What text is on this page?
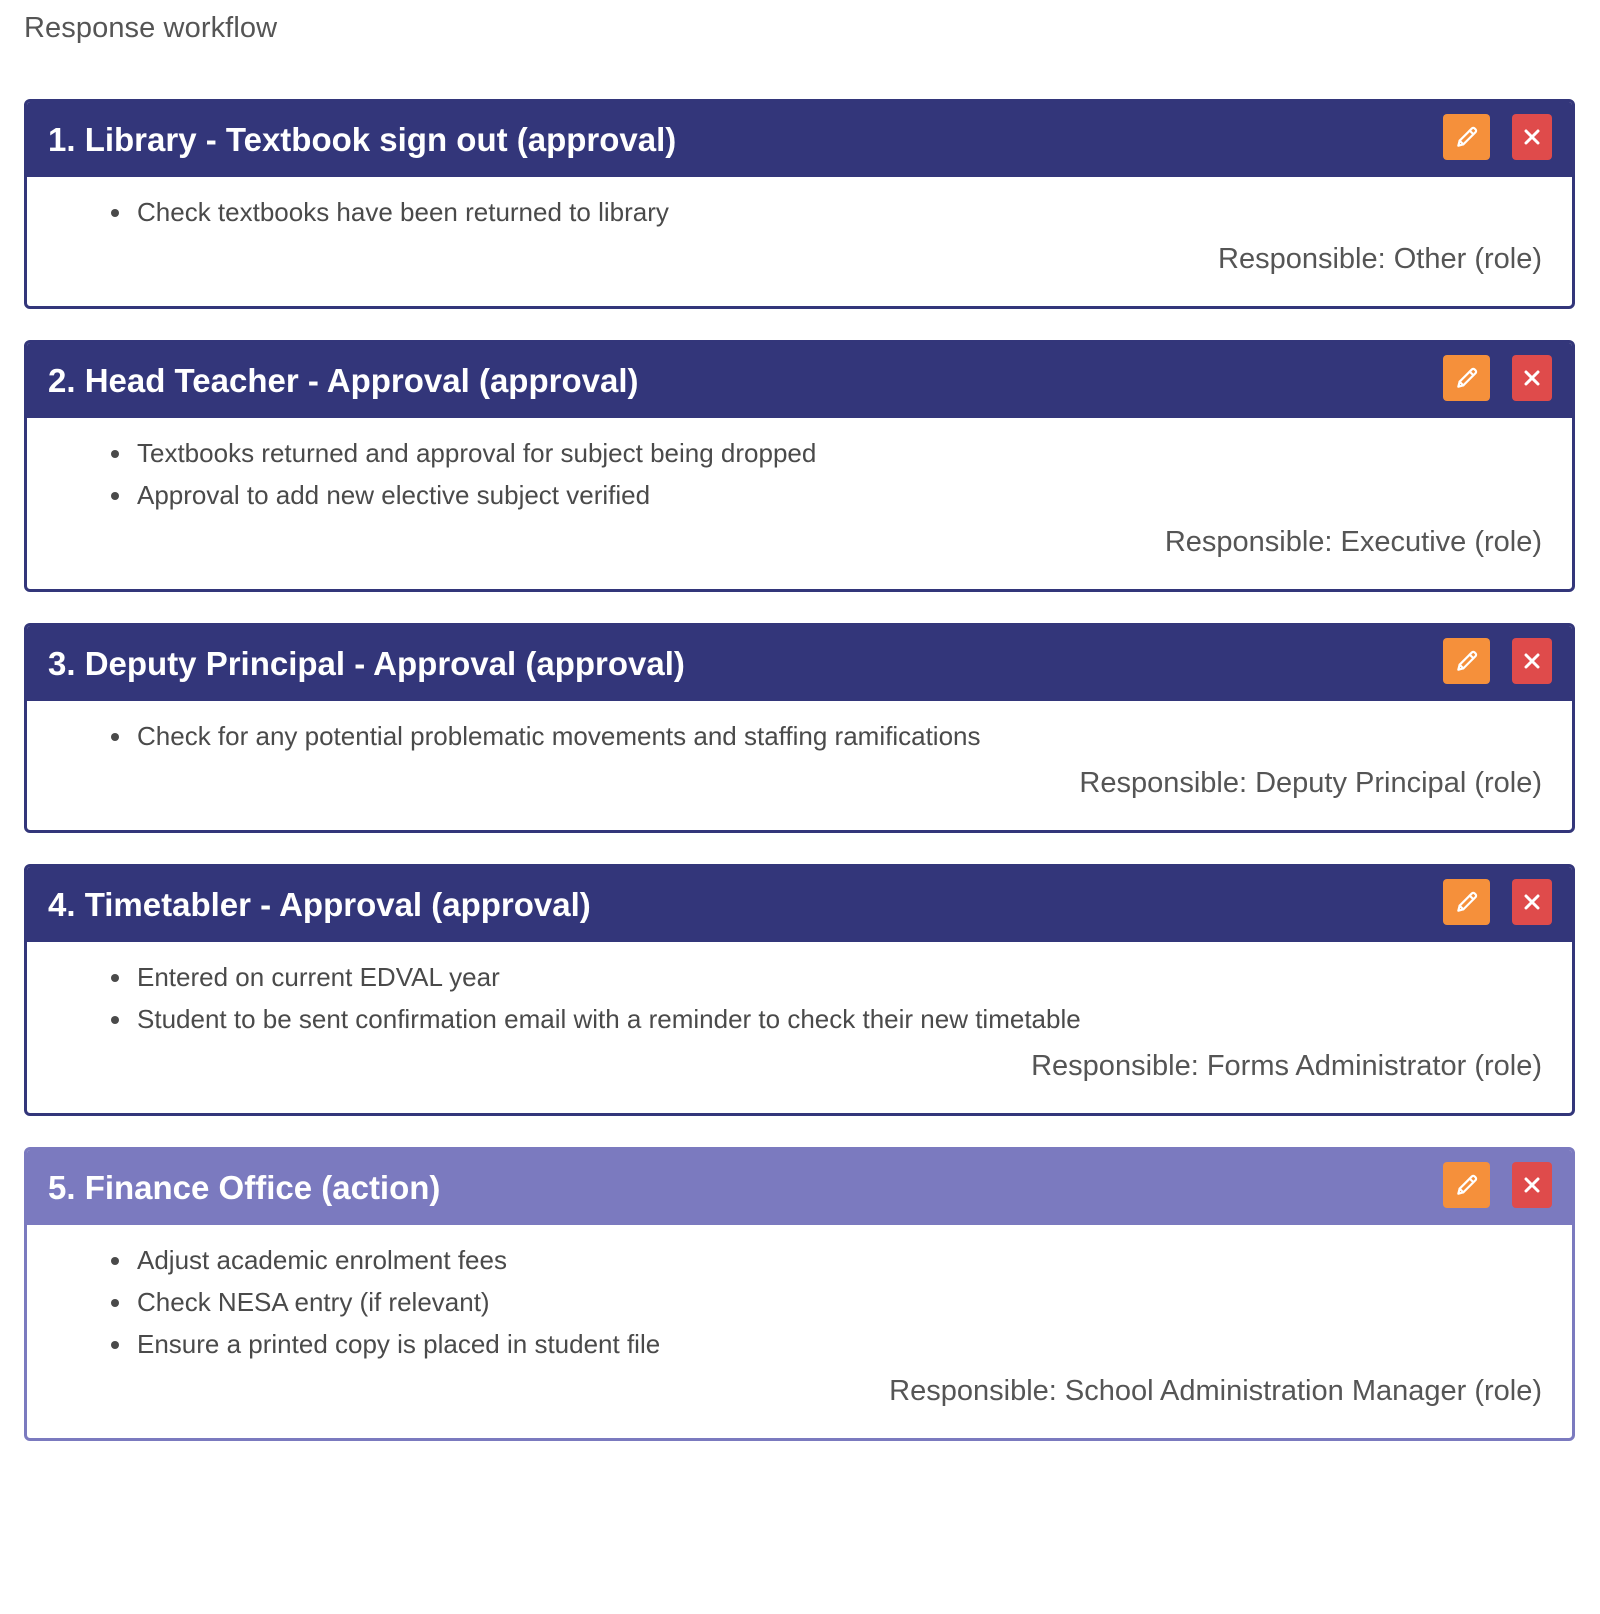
Response workflow
1. Library - Textbook sign out (approval)
Check textbooks have been returned to library
Responsible: Other (role)
2. Head Teacher - Approval (approval)
Textbooks returned and approval for subject being dropped
Approval to add new elective subject verified
Responsible: Executive (role)
3. Deputy Principal - Approval (approval)
Check for any potential problematic movements and staffing ramifications
Responsible: Deputy Principal (role)
4. Timetabler - Approval (approval)
Entered on current EDVAL year
Student to be sent confirmation email with a reminder to check their new timetable
Responsible: Forms Administrator (role)
5. Finance Office (action)
Adjust academic enrolment fees
Check NESA entry (if relevant)
Ensure a printed copy is placed in student file
Responsible: School Administration Manager (role)
